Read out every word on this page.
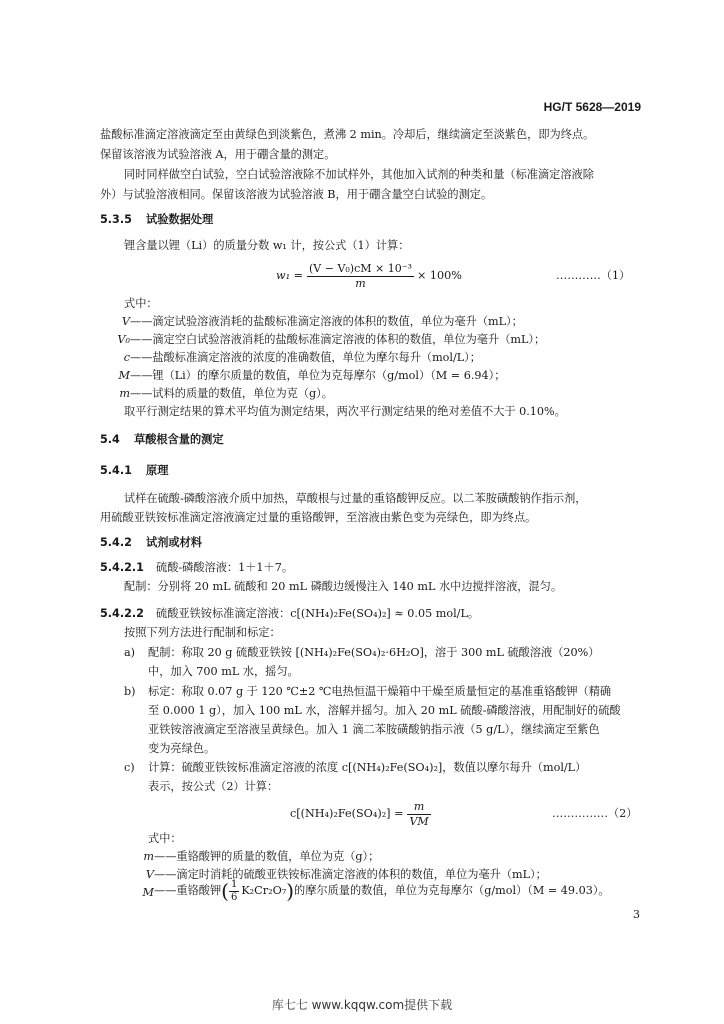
HG/T 5628—2019
盐酸标准滴定溶液滴定至由黄绿色到淡紫色，煮沸 2 min。冷却后，继续滴定至淡紫色，即为终点。
保留该溶液为试验溶液 A，用于硼含量的测定。
同时同样做空白试验，空白试验溶液除不加试样外，其他加入试剂的种类和量（标准滴定溶液除
外）与试验溶液相同。保留该溶液为试验溶液 B，用于硼含量空白试验的测定。
5.3.5 试验数据处理
锂含量以锂（Li）的质量分数 w₁ 计，按公式（1）计算：
$w_1 = \frac{\text{(V − V₀)cM × 10⁻³}}{m} \times 100\%$	…………（1）
式中：
V ——滴定试验溶液消耗的盐酸标准滴定溶液的体积的数值，单位为毫升（mL）；
V₀ ——滴定空白试验溶液消耗的盐酸标准滴定溶液的体积的数值，单位为毫升（mL）；
c ——盐酸标准滴定溶液的浓度的准确数值，单位为摩尔每升（mol/L）；
M ——锂（Li）的摩尔质量的数值，单位为克每摩尔（g/mol）（M = 6.94）；
m ——试料的质量的数值，单位为克（g）。
取平行测定结果的算术平均值为测定结果，两次平行测定结果的绝对差值不大于 0.10%。
5.4 草酸根含量的测定
5.4.1 原理
试样在硫酸-磷酸溶液介质中加热，草酸根与过量的重铬酸钾反应。以二苯胺磺酸钠作指示剂，
用硫酸亚铁铵标准滴定溶液滴定过量的重铬酸钾，至溶液由紫色变为亮绿色，即为终点。
5.4.2 试剂或材料
5.4.2.1 硫酸-磷酸溶液：1＋1＋7。
配制：分别将 20 mL 硫酸和 20 mL 磷酸边缓慢注入 140 mL 水中边搅拌溶液，混匀。
5.4.2.2 硫酸亚铁铵标准滴定溶液：c[(NH₄)₂Fe(SO₄)₂] ≈ 0.05 mol/L。
按照下列方法进行配制和标定：
a) 配制：称取 20 g 硫酸亚铁铵 [(NH₄)₂Fe(SO₄)₂·6H₂O]，溶于 300 mL 硫酸溶液（20%）
中，加入 700 mL 水，摇匀。
b) 标定：称取 0.07 g 于 120 ℃±2 ℃电热恒温干燥箱中干燥至质量恒定的基准重铬酸钾（精确
至 0.000 1 g），加入 100 mL 水，溶解并摇匀。加入 20 mL 硫酸-磷酸溶液，用配制好的硫酸
亚铁铵溶液滴定至溶液呈黄绿色。加入 1 滴二苯胺磺酸钠指示液（5 g/L），继续滴定至紫色
变为亮绿色。
c) 计算：硫酸亚铁铵标准滴定溶液的浓度 c[(NH₄)₂Fe(SO₄)₂]，数值以摩尔每升（mol/L）
表示，按公式（2）计算：
$c[(NH_4)_2Fe(SO_4)_2] = \frac{m}{VM}$	……………（2）
式中：
m ——重铬酸钾的质量的数值，单位为克（g）；
V ——滴定时消耗的硫酸亚铁铵标准滴定溶液的体积的数值，单位为毫升（mL）；
M ——重铬酸钾 ( $\frac{1}{6} K_2Cr_2O_7$ ) 的摩尔质量的数值，单位为克每摩尔（g/mol）（M = 49.03）。
3
库七七 www.kqqw.com提供下载
